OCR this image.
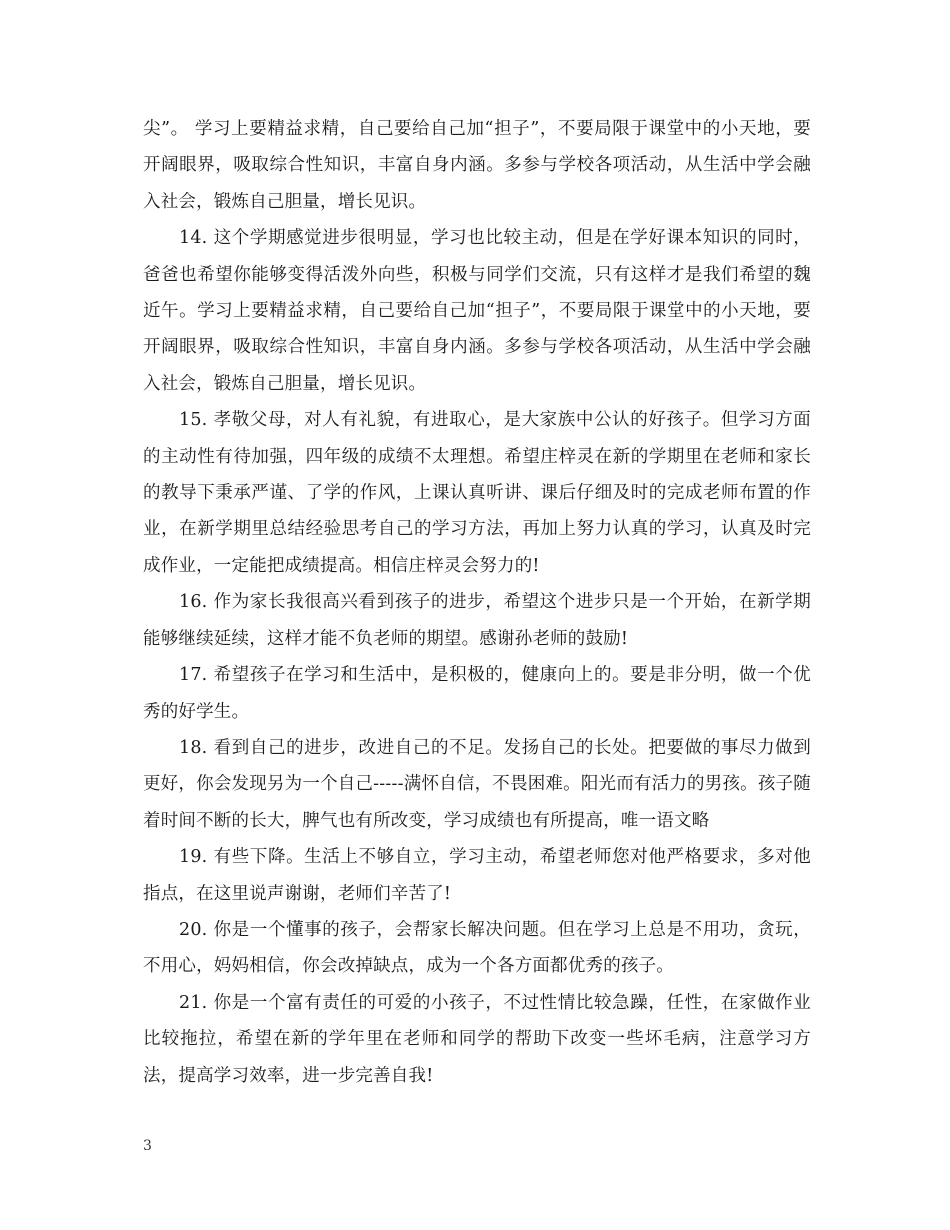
尖”。 学习上要精益求精，自己要给自己加“担子”，不要局限于课堂中的小天地，要开阔眼界，吸取综合性知识，丰富自身内涵。多参与学校各项活动，从生活中学会融入社会，锻炼自己胆量，增长见识。

14. 这个学期感觉进步很明显，学习也比较主动，但是在学好课本知识的同时，爸爸也希望你能够变得活泼外向些，积极与同学们交流，只有这样才是我们希望的魏近午。学习上要精益求精，自己要给自己加“担子”，不要局限于课堂中的小天地，要开阔眼界，吸取综合性知识，丰富自身内涵。多参与学校各项活动，从生活中学会融入社会，锻炼自己胆量，增长见识。

15. 孝敬父母，对人有礼貌，有进取心，是大家族中公认的好孩子。但学习方面的主动性有待加强，四年级的成绩不太理想。希望庄梓灵在新的学期里在老师和家长的教导下秉承严谨、了学的作风，上课认真听讲、课后仔细及时的完成老师布置的作业，在新学期里总结经验思考自己的学习方法，再加上努力认真的学习，认真及时完成作业，一定能把成绩提高。相信庄梓灵会努力的!

16. 作为家长我很高兴看到孩子的进步，希望这个进步只是一个开始，在新学期能够继续延续，这样才能不负老师的期望。感谢孙老师的鼓励!

17. 希望孩子在学习和生活中，是积极的，健康向上的。要是非分明，做一个优秀的好学生。

18. 看到自己的进步，改进自己的不足。发扬自己的长处。把要做的事尽力做到更好，你会发现另为一个自己-----满怀自信，不畏困难。阳光而有活力的男孩。孩子随着时间不断的长大，脾气也有所改变，学习成绩也有所提高，唯一语文略

19. 有些下降。生活上不够自立，学习主动，希望老师您对他严格要求，多对他指点，在这里说声谢谢，老师们辛苦了!

20. 你是一个懂事的孩子，会帮家长解决问题。但在学习上总是不用功，贪玩，不用心，妈妈相信，你会改掉缺点，成为一个各方面都优秀的孩子。

21. 你是一个富有责任的可爱的小孩子，不过性情比较急躁，任性，在家做作业比较拖拉，希望在新的学年里在老师和同学的帮助下改变一些坏毛病，注意学习方法，提高学习效率，进一步完善自我!

3
